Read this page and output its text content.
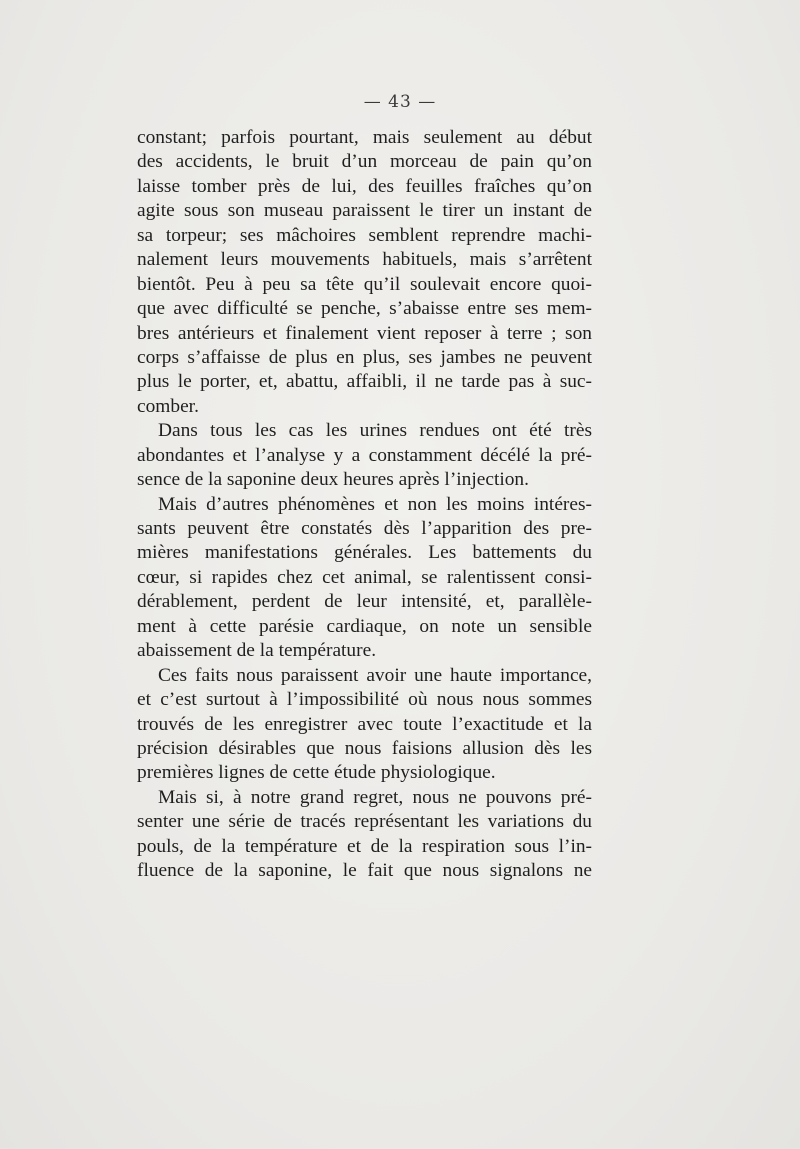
— 43 —
constant; parfois pourtant, mais seulement au début
des accidents, le bruit d’un morceau de pain qu’on
laisse tomber près de lui, des feuilles fraîches qu’on
agite sous son museau paraissent le tirer un instant de
sa torpeur; ses mâchoires semblent reprendre machi-
nalement leurs mouvements habituels, mais s’arrêtent
bientôt. Peu à peu sa tête qu’il soulevait encore quoi-
que avec difficulté se penche, s’abaisse entre ses mem-
bres antérieurs et finalement vient reposer à terre ; son
corps s’affaisse de plus en plus, ses jambes ne peuvent
plus le porter, et, abattu, affaibli, il ne tarde pas à suc-
comber.
Dans tous les cas les urines rendues ont été très
abondantes et l’analyse y a constamment décélé la pré-
sence de la saponine deux heures après l’injection.
Mais d’autres phénomènes et non les moins intéres-
sants peuvent être constatés dès l’apparition des pre-
mières manifestations générales. Les battements du
cœur, si rapides chez cet animal, se ralentissent consi-
dérablement, perdent de leur intensité, et, parallèle-
ment à cette parésie cardiaque, on note un sensible
abaissement de la température.
Ces faits nous paraissent avoir une haute importance,
et c’est surtout à l’impossibilité où nous nous sommes
trouvés de les enregistrer avec toute l’exactitude et la
précision désirables que nous faisions allusion dès les
premières lignes de cette étude physiologique.
Mais si, à notre grand regret, nous ne pouvons pré-
senter une série de tracés représentant les variations du
pouls, de la température et de la respiration sous l’in-
fluence de la saponine, le fait que nous signalons ne
